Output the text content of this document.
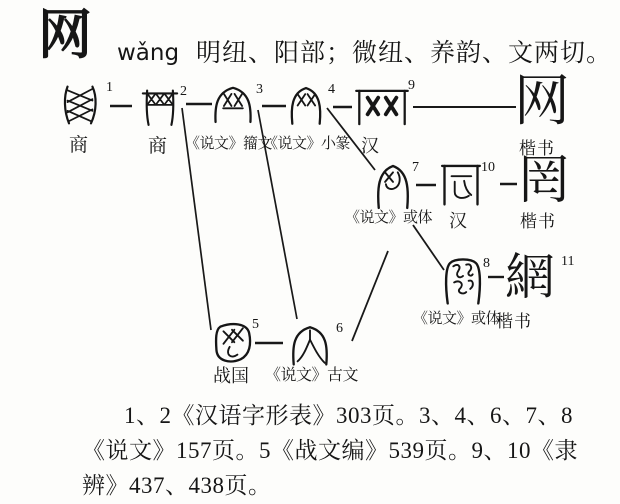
网 wǎng 明纽、阳部；微纽、养韵、文两切。
1
商
2
商
3
《说文》籀文
4
《说文》小篆
9
汉
网
楷书
7
《说文》或体
10
汉
罔
楷书
8
《说文》或体
網 11
楷书
5
战国
6
《说文》古文
1、2《汉语字形表》303页。3、4、6、7、8
《说文》157页。5《战文编》539页。9、10《隶
辨》437、438页。
